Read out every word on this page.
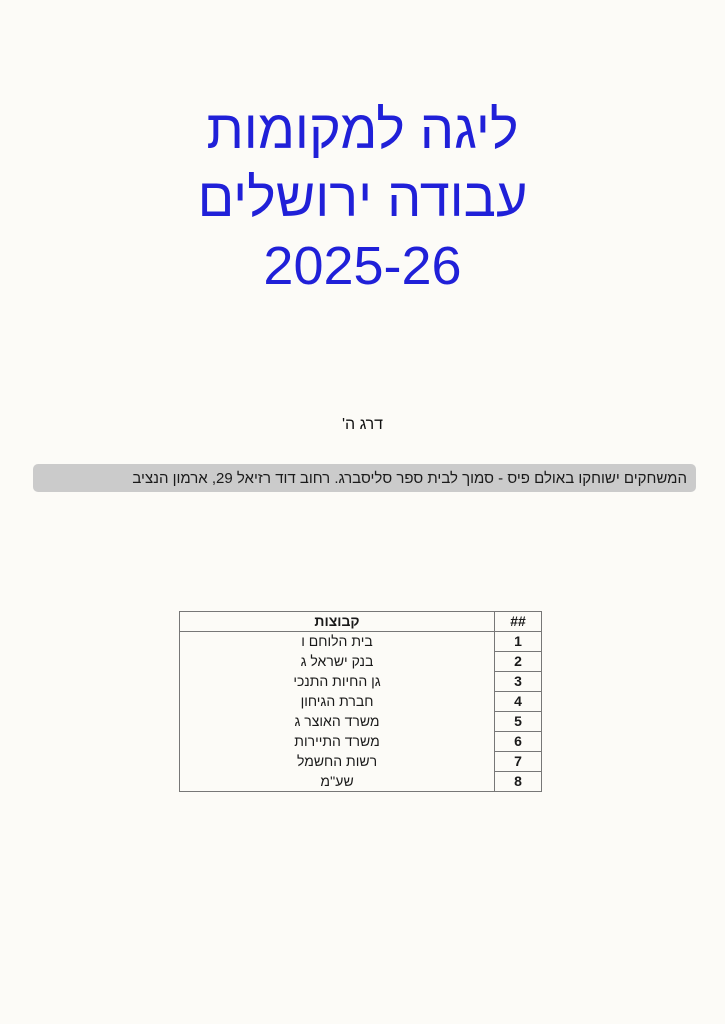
ליגה למקומות
עבודה ירושלים
2025-26
דרג ה'
המשחקים ישוחקו באולם פיס - סמוך לבית ספר סליסברג. רחוב דוד רזיאל 29, ארמון הנציב
##	קבוצות
1	בית הלוחם ו
2	בנק ישראל ג
3	גן החיות התנכי
4	חברת הגיחון
5	משרד האוצר ג
6	משרד התיירות
7	רשות החשמל
8	שע''מ
